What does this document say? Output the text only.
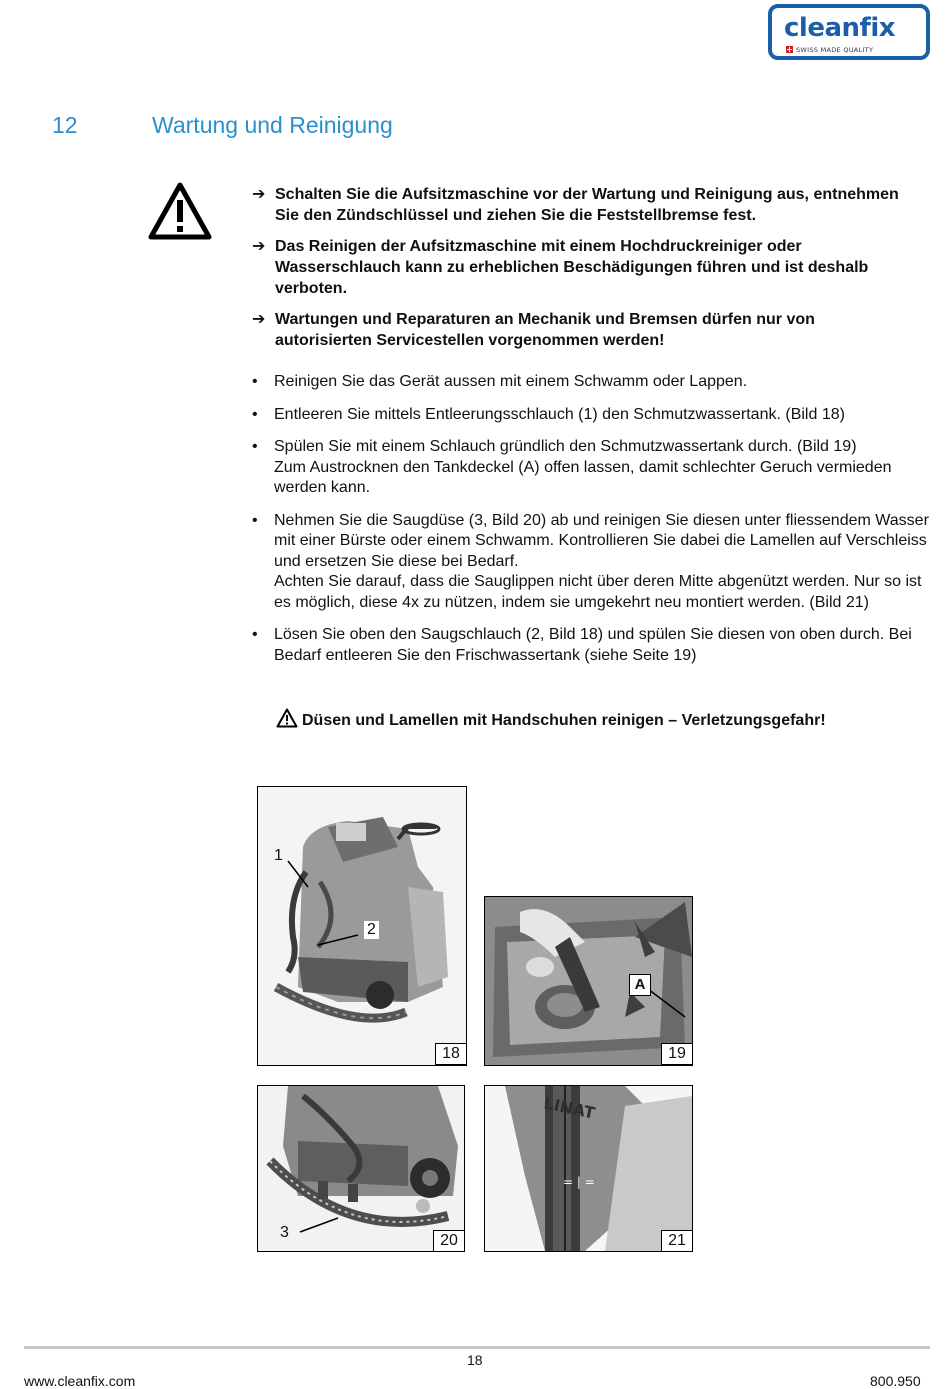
cleanfix
SWISS MADE QUALITY
12	Wartung und Reinigung
➔ Schalten Sie die Aufsitzmaschine vor der Wartung und Reinigung aus, entnehmen Sie den Zündschlüssel und ziehen Sie die Feststellbremse fest.
➔ Das Reinigen der Aufsitzmaschine mit einem Hochdruckreiniger oder Wasserschlauch kann zu erheblichen Beschädigungen führen und ist deshalb verboten.
➔ Wartungen und Reparaturen an Mechanik und Bremsen dürfen nur von autorisierten Servicestellen vorgenommen werden!
• Reinigen Sie das Gerät aussen mit einem Schwamm oder Lappen.
• Entleeren Sie mittels Entleerungsschlauch (1) den Schmutzwassertank. (Bild 18)
• Spülen Sie mit einem Schlauch gründlich den Schmutzwassertank durch. (Bild 19)
Zum Austrocknen den Tankdeckel (A) offen lassen, damit schlechter Geruch vermieden werden kann.
• Nehmen Sie die Saugdüse (3, Bild 20) ab und reinigen Sie diesen unter fliessendem Wasser mit einer Bürste oder einem Schwamm. Kontrollieren Sie dabei die Lamellen auf Verschleiss und ersetzen Sie diese bei Bedarf.
Achten Sie darauf, dass die Sauglippen nicht über deren Mitte abgenützt werden. Nur so ist es möglich, diese 4x zu nützen, indem sie umgekehrt neu montiert werden. (Bild 21)
• Lösen Sie oben den Saugschlauch (2, Bild 18) und spülen Sie diesen von oben durch. Bei Bedarf entleeren Sie den Frischwassertank (siehe Seite 19)
Düsen und Lamellen mit Handschuhen reinigen – Verletzungsgefahr!
1
2
18
A
19
3	20
LINAT
= | =
21
18
www.cleanfix.com	800.950
